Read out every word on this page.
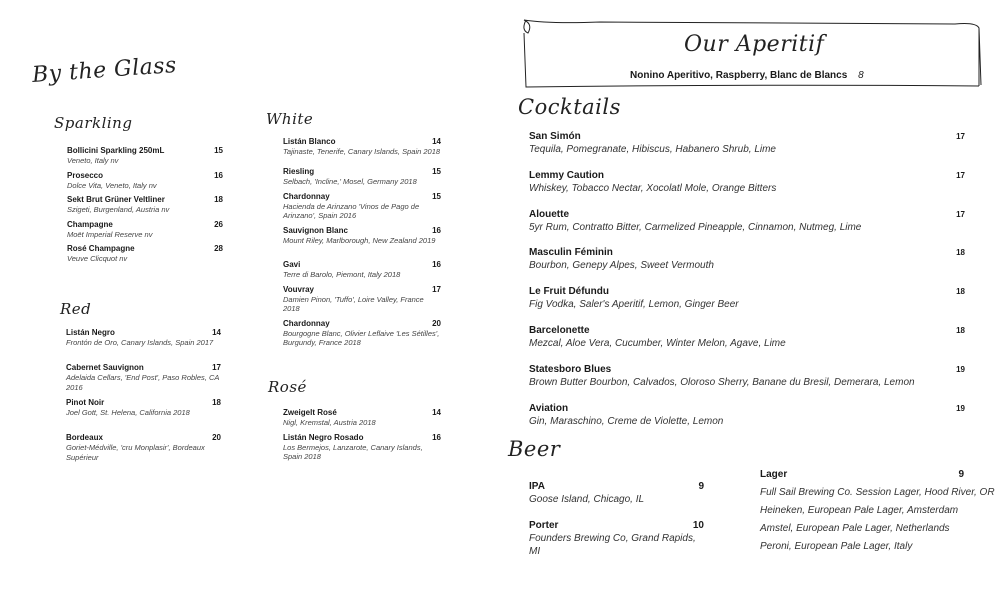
By the Glass
Sparkling
Bollicini Sparkling 250mL
Veneto, Italy nv
15
Prosecco
Dolce Vita, Veneto, Italy nv
16
Sekt Brut Grüner Veltliner
Szigeti, Burgenland, Austria nv
18
Champagne
Moët Imperial Reserve nv
26
Rosé Champagne
Veuve Clicquot nv
28
Red
Listán Negro
Frontón de Oro, Canary Islands, Spain 2017
14
Cabernet Sauvignon
Adelaida Cellars, 'End Post', Paso Robles, CA 2016
17
Pinot Noir
Joel Gott, St. Helena, California 2018
18
Bordeaux
Goriet-Médville, 'cru Monplasir', Bordeaux Supérieur
20
White
Listán Blanco
Tajinaste, Tenerife, Canary Islands, Spain 2018
14
Riesling
Selbach, 'Incline,' Mosel, Germany 2018
15
Chardonnay
Hacienda de Arinzano 'Vinos de Pago de Arinzano', Spain 2016
15
Sauvignon Blanc
Mount Riley, Marlborough, New Zealand 2019
16
Gavi
Terre di Barolo, Piemont, Italy 2018
16
Vouvray
Damien Pinon, 'Tuffo', Loire Valley, France 2018
17
Chardonnay
Bourgogne Blanc, Olivier Leflaive 'Les Sétilles', Burgundy, France 2018
20
Rosé
Zweigelt Rosé
Nigl, Kremstal, Austria 2018
14
Listán Negro Rosado
Los Bermejos, Lanzarote, Canary Islands, Spain 2018
16
Our Aperitif
Nonino Aperitivo, Raspberry, Blanc de Blancs 8
Cocktails
San Simón
Tequila, Pomegranate, Hibiscus, Habanero Shrub, Lime
17
Lemmy Caution
Whiskey, Tobacco Nectar, Xocolatl Mole, Orange Bitters
17
Alouette
5yr Rum, Contratto Bitter, Carmelized Pineapple, Cinnamon, Nutmeg, Lime
17
Masculin Féminin
Bourbon, Genepy Alpes, Sweet Vermouth
18
Le Fruit Défundu
Fig Vodka, Saler's Aperitif, Lemon, Ginger Beer
18
Barcelonette
Mezcal, Aloe Vera, Cucumber, Winter Melon, Agave, Lime
18
Statesboro Blues
Brown Butter Bourbon, Calvados, Oloroso Sherry, Banane du Bresil, Demerara, Lemon
19
Aviation
Gin, Maraschino, Creme de Violette, Lemon
19
Beer
IPA
Goose Island, Chicago, IL
9
Porter
Founders Brewing Co, Grand Rapids, MI
10
Lager	9
Full Sail Brewing Co. Session Lager, Hood River, OR
Heineken, European Pale Lager, Amsterdam
Amstel, European Pale Lager, Netherlands
Peroni, European Pale Lager, Italy
